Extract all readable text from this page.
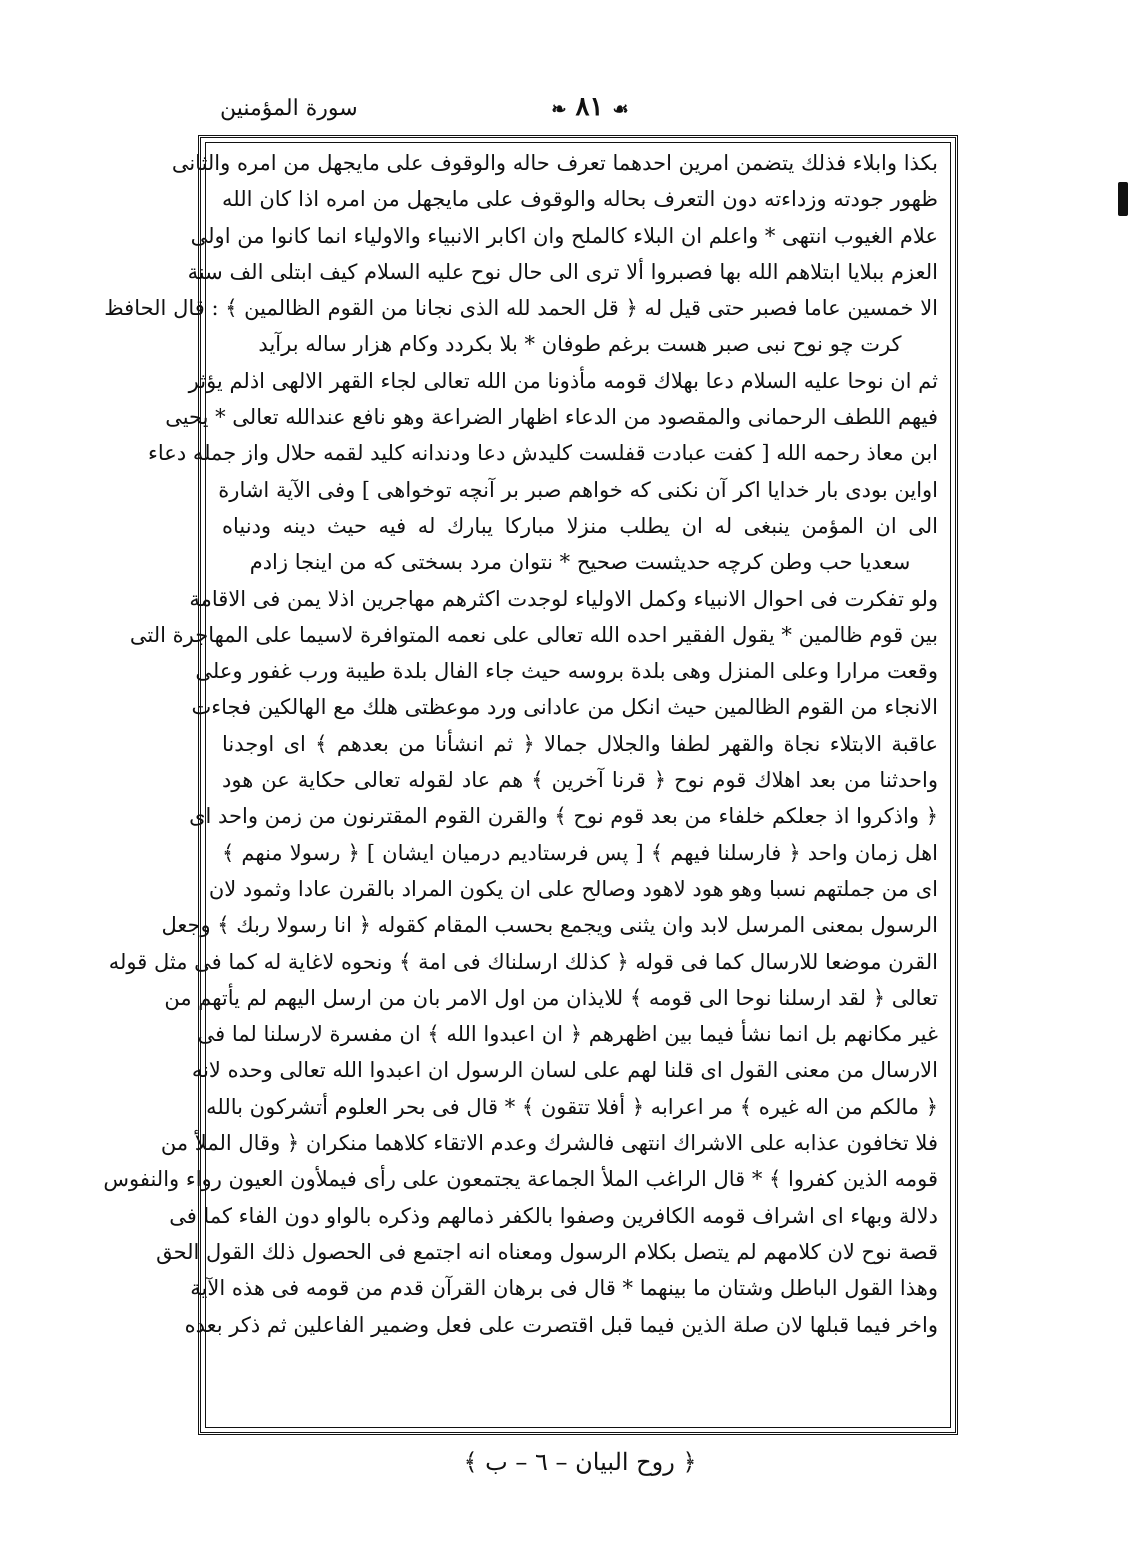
سورة المؤمنين	❧ ٨١ ☙
بكذا وابلاء فذلك يتضمن امرين احدهما تعرف حاله والوقوف على مايجهل من امره والثانى
ظهور جودته وزداءته دون التعرف بحاله والوقوف على مايجهل من امره اذا كان الله
علام الغيوب انتهى * واعلم ان البلاء كالملح وان اكابر الانبياء والاولياء انما كانوا من اولى
العزم ببلايا ابتلاهم الله بها فصبروا ألا ترى الى حال نوح عليه السلام كيف ابتلى الف سنة
الا خمسين عاما فصبر حتى قيل له ﴿ قل الحمد لله الذى نجانا من القوم الظالمين ﴾ : قال الحافظ
كرت چو نوح نبى صبر هست برغم طوفان * بلا بكردد وكام هزار ساله برآيد
ثم ان نوحا عليه السلام دعا بهلاك قومه مأذونا من الله تعالى لجاء القهر الالهى اذلم يؤثر
فيهم اللطف الرحمانى والمقصود من الدعاء اظهار الضراعة وهو نافع عندالله تعالى * يحيى
ابن معاذ رحمه الله [ كفت عبادت قفلست كليدش دعا ودندانه كليد لقمه حلال واز جمله دعاء
اواين بودى بار خدايا اكر آن نكنى كه خواهم صبر بر آنچه توخواهى ] وفى الآية اشارة
الى ان المؤمن ينبغى له ان يطلب منزلا مباركا يبارك له فيه حيث دينه ودنياه
سعديا حب وطن كرچه حديثست صحيح * نتوان مرد بسختى كه من اينجا زادم
ولو تفكرت فى احوال الانبياء وكمل الاولياء لوجدت اكثرهم مهاجرين اذلا يمن فى الاقامة
بين قوم ظالمين * يقول الفقير احده الله تعالى على نعمه المتوافرة لاسيما على المهاجرة التى
وقعت مرارا وعلى المنزل وهى بلدة بروسه حيث جاء الفال بلدة طيبة ورب غفور وعلى
الانجاء من القوم الظالمين حيث انكل من عادانى ورد موعظتى هلك مع الهالكين فجاءت
عاقبة الابتلاء نجاة والقهر لطفا والجلال جمالا ﴿ ثم انشأنا من بعدهم ﴾ اى اوجدنا
واحدثنا من بعد اهلاك قوم نوح ﴿ قرنا آخرين ﴾ هم عاد لقوله تعالى حكاية عن هود
﴿ واذكروا اذ جعلكم خلفاء من بعد قوم نوح ﴾ والقرن القوم المقترنون من زمن واحد اى
اهل زمان واحد ﴿ فارسلنا فيهم ﴾ [ پس فرستاديم درميان ايشان ] ﴿ رسولا منهم ﴾
اى من جملتهم نسبا وهو هود لاهود وصالح على ان يكون المراد بالقرن عادا وثمود لان
الرسول بمعنى المرسل لابد وان يثنى ويجمع بحسب المقام كقوله ﴿ انا رسولا ربك ﴾ وجعل
القرن موضعا للارسال كما فى قوله ﴿ كذلك ارسلناك فى امة ﴾ ونحوه لاغاية له كما فى مثل قوله
تعالى ﴿ لقد ارسلنا نوحا الى قومه ﴾ للايذان من اول الامر بان من ارسل اليهم لم يأتهم من
غير مكانهم بل انما نشأ فيما بين اظهرهم ﴿ ان اعبدوا الله ﴾ ان مفسرة لارسلنا لما فى
الارسال من معنى القول اى قلنا لهم على لسان الرسول ان اعبدوا الله تعالى وحده لانه
﴿ مالكم من اله غيره ﴾ مر اعرابه ﴿ أفلا تتقون ﴾ * قال فى بحر العلوم أتشركون بالله
فلا تخافون عذابه على الاشراك انتهى فالشرك وعدم الاتقاء كلاهما منكران ﴿ وقال الملأ من
قومه الذين كفروا ﴾ * قال الراغب الملأ الجماعة يجتمعون على رأى فيملأون العيون رواء والنفوس
دلالة وبهاء اى اشراف قومه الكافرين وصفوا بالكفر ذمالهم وذكره بالواو دون الفاء كما فى
قصة نوح لان كلامهم لم يتصل بكلام الرسول ومعناه انه اجتمع فى الحصول ذلك القول الحق
وهذا القول الباطل وشتان ما بينهما * قال فى برهان القرآن قدم من قومه فى هذه الآية
واخر فيما قبلها لان صلة الذين فيما قبل اقتصرت على فعل وضمير الفاعلين ثم ذكر بعده
﴿ روح البيان – ٦ – ب ﴾
